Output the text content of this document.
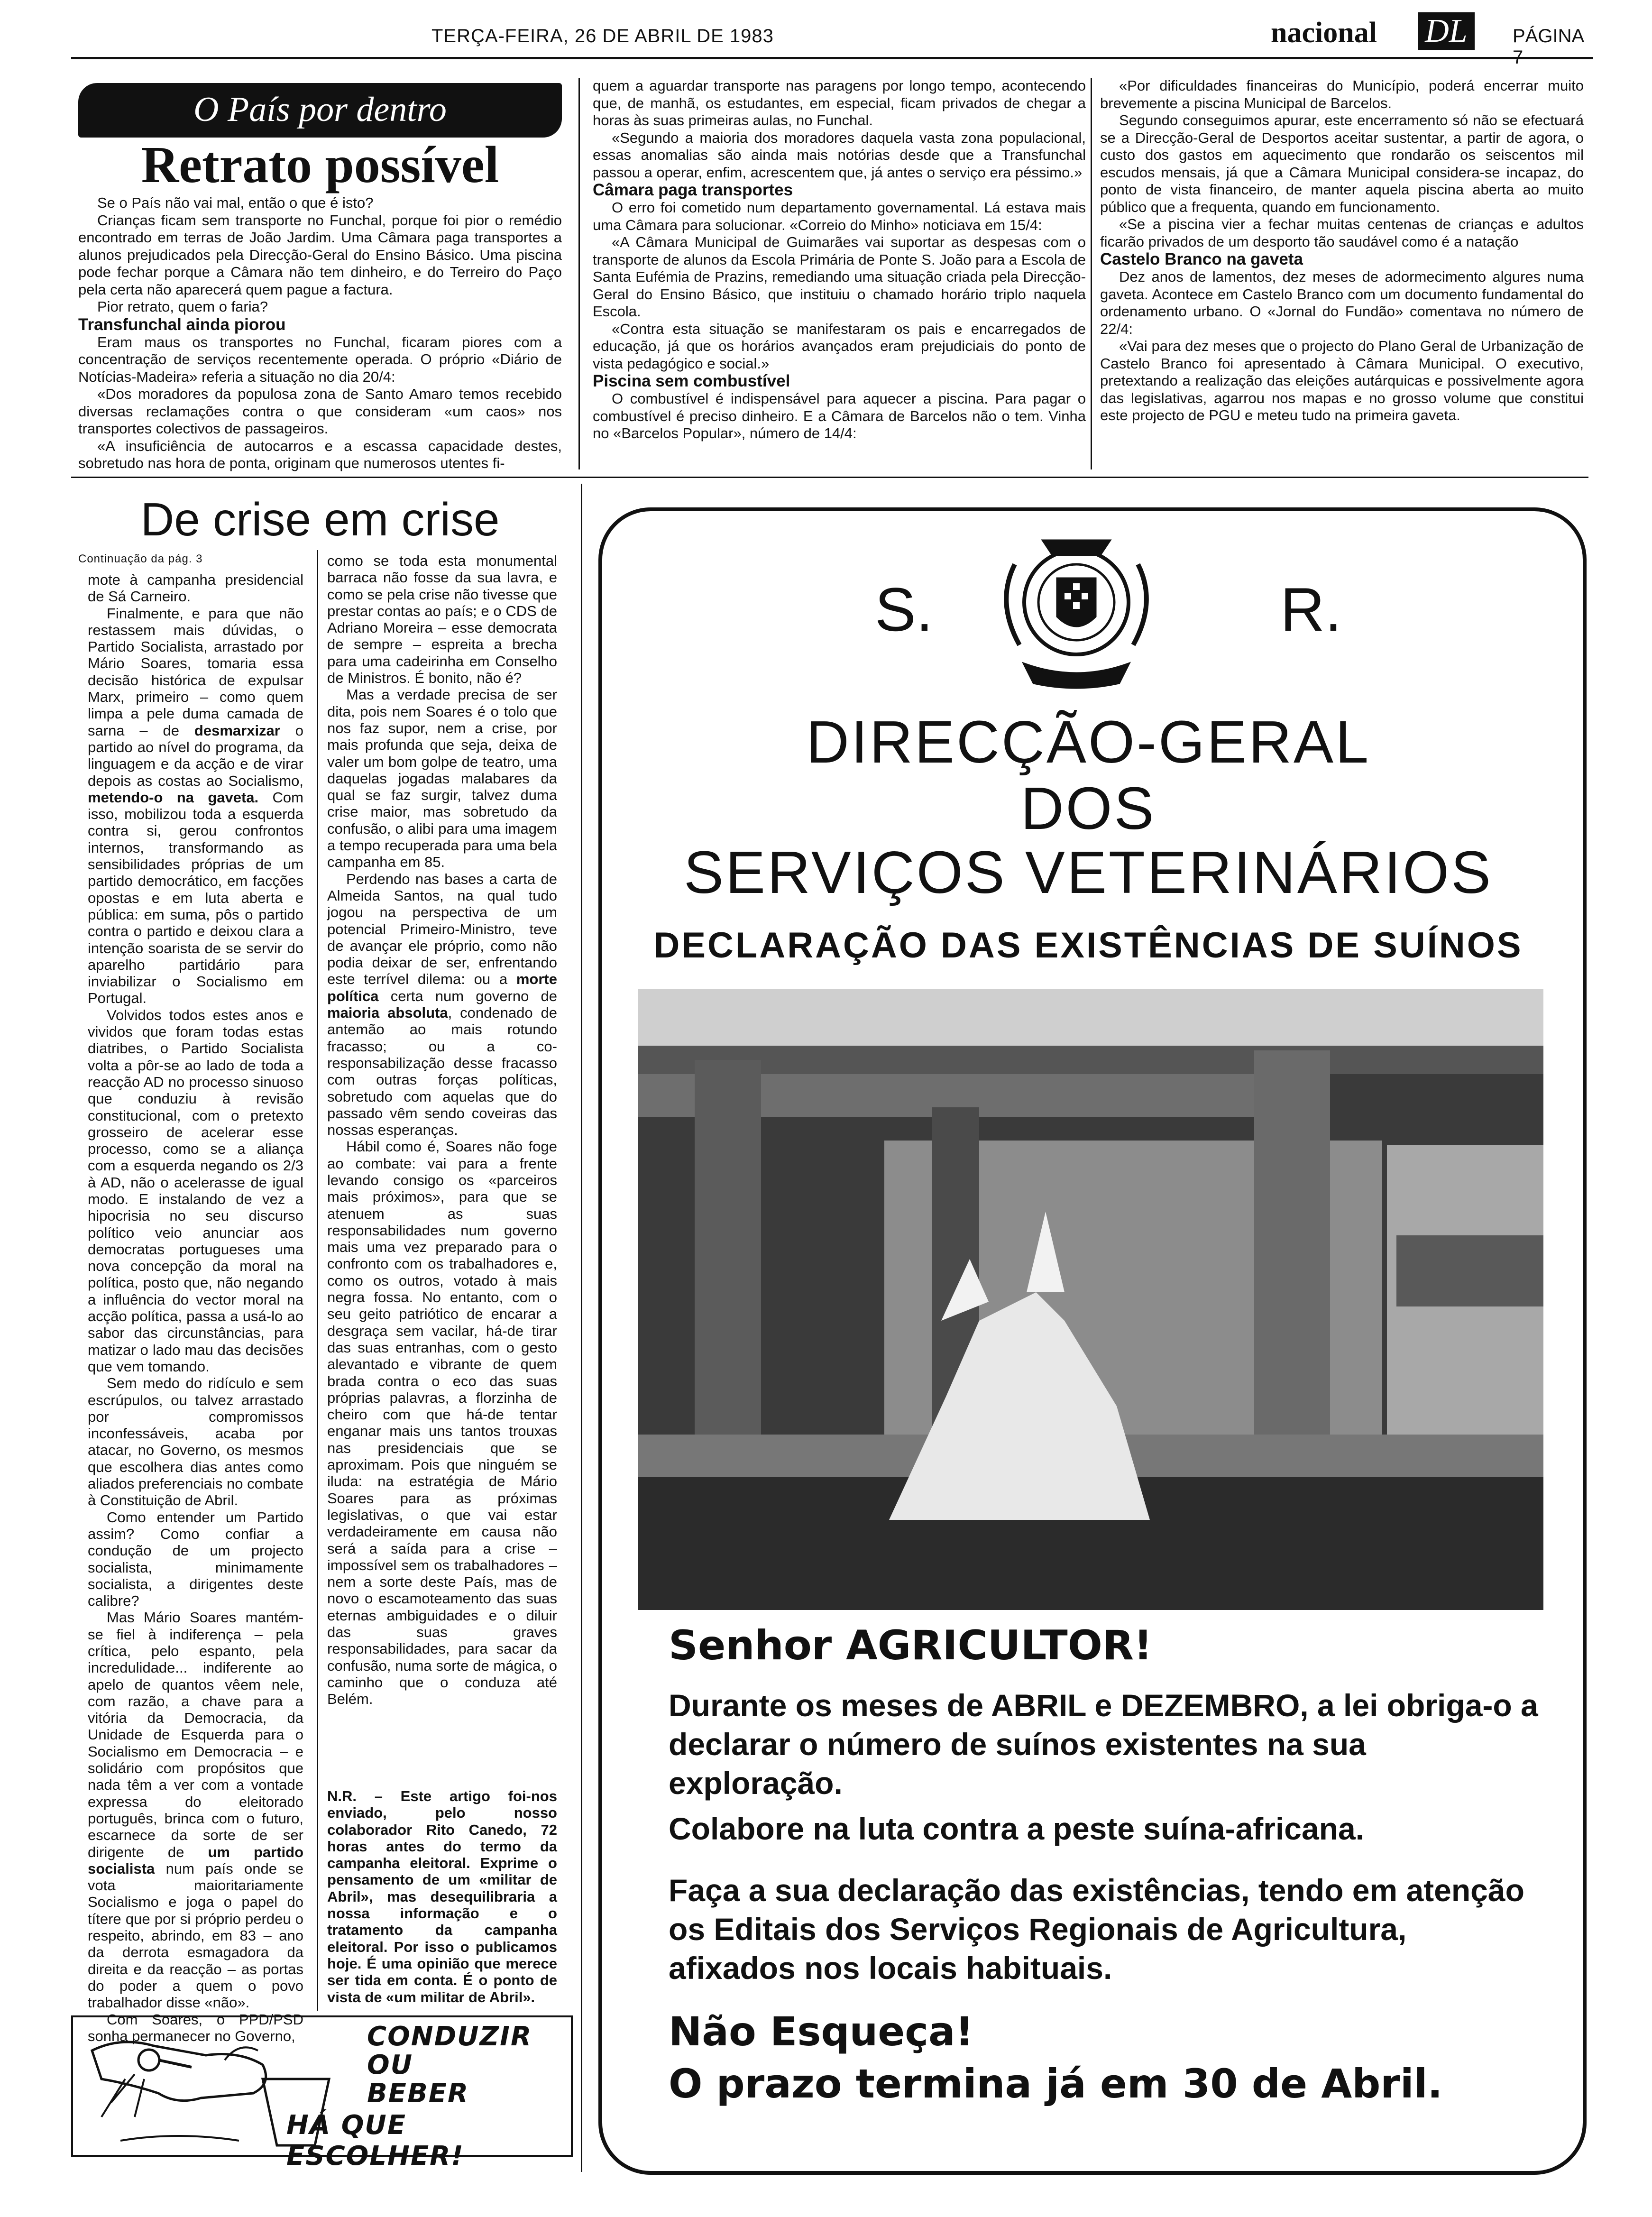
TERÇA-FEIRA, 26 DE ABRIL DE 1983	nacional DL	PÁGINA 7
O País por dentro
Retrato possível

Se o País não vai mal, então o que é isto?

Crianças ficam sem transporte no Funchal, porque foi pior o remédio encontrado em terras de João Jardim. Uma Câmara paga transportes a alunos prejudicados pela Direcção-Geral do Ensino Básico. Uma piscina pode fechar porque a Câmara não tem dinheiro, e do Terreiro do Paço pela certa não aparecerá quem pague a factura.

Pior retrato, quem o faria?

Transfunchal ainda piorou

Eram maus os transportes no Funchal, ficaram piores com a concentração de serviços recentemente operada. O próprio «Diário de Notícias-Madeira» referia a situação no dia 20/4:

«Dos moradores da populosa zona de Santo Amaro temos recebido diversas reclamações contra o que consideram «um caos» nos transportes colectivos de passageiros.

«A insuficiência de autocarros e a escassa capacidade destes, sobretudo nas hora de ponta, originam que numerosos utentes fi-

quem a aguardar transporte nas paragens por longo tempo, acontecendo que, de manhã, os estudantes, em especial, ficam privados de chegar a horas às suas primeiras aulas, no Funchal.

«Segundo a maioria dos moradores daquela vasta zona populacional, essas anomalias são ainda mais notórias desde que a Transfunchal passou a operar, enfim, acrescentem que, já antes o serviço era péssimo.»

Câmara paga transportes

O erro foi cometido num departamento governamental. Lá estava mais uma Câmara para solucionar. «Correio do Minho» noticiava em 15/4:

«A Câmara Municipal de Guimarães vai suportar as despesas com o transporte de alunos da Escola Primária de Ponte S. João para a Escola de Santa Eufémia de Prazins, remediando uma situação criada pela Direcção-Geral do Ensino Básico, que instituiu o chamado horário triplo naquela Escola.

«Contra esta situação se manifestaram os pais e encarregados de educação, já que os horários avançados eram prejudiciais do ponto de vista pedagógico e social.»

Piscina sem combustível

O combustível é indispensável para aquecer a piscina. Para pagar o combustível é preciso dinheiro. E a Câmara de Barcelos não o tem. Vinha no «Barcelos Popular», número de 14/4:

«Por dificuldades financeiras do Município, poderá encerrar muito brevemente a piscina Municipal de Barcelos.

Segundo conseguimos apurar, este encerramento só não se efectuará se a Direcção-Geral de Desportos aceitar sustentar, a partir de agora, o custo dos gastos em aquecimento que rondarão os seiscentos mil escudos mensais, já que a Câmara Municipal considera-se incapaz, do ponto de vista financeiro, de manter aquela piscina aberta ao muito público que a frequenta, quando em funcionamento.

«Se a piscina vier a fechar muitas centenas de crianças e adultos ficarão privados de um desporto tão saudável como é a natação

Castelo Branco na gaveta

Dez anos de lamentos, dez meses de adormecimento algures numa gaveta. Acontece em Castelo Branco com um documento fundamental do ordenamento urbano. O «Jornal do Fundão» comentava no número de 22/4:

«Vai para dez meses que o projecto do Plano Geral de Urbanização de Castelo Branco foi apresentado à Câmara Municipal. O executivo, pretextando a realização das eleições autárquicas e possivelmente agora das legislativas, agarrou nos mapas e no grosso volume que constitui este projecto de PGU e meteu tudo na primeira gaveta.

De crise em crise
Continuação da pág. 3

mote à campanha presidencial de Sá Carneiro.

Finalmente, e para que não restassem mais dúvidas, o Partido Socialista, arrastado por Mário Soares, tomaria essa decisão histórica de expulsar Marx, primeiro – como quem limpa a pele duma camada de sarna – de desmarxizar o partido ao nível do programa, da linguagem e da acção e de virar depois as costas ao Socialismo, metendo-o na gaveta. Com isso, mobilizou toda a esquerda contra si, gerou confrontos internos, transformando as sensibilidades próprias de um partido democrático, em facções opostas e em luta aberta e pública: em suma, pôs o partido contra o partido e deixou clara a intenção soarista de se servir do aparelho partidário para inviabilizar o Socialismo em Portugal.

Volvidos todos estes anos e vividos que foram todas estas diatribes, o Partido Socialista volta a pôr-se ao lado de toda a reacção AD no processo sinuoso que conduziu à revisão constitucional, com o pretexto grosseiro de acelerar esse processo, como se a aliança com a esquerda negando os 2/3 à AD, não o acelerasse de igual modo. E instalando de vez a hipocrisia no seu discurso político veio anunciar aos democratas portugueses uma nova concepção da moral na política, posto que, não negando a influência do vector moral na acção política, passa a usá-lo ao sabor das circunstâncias, para matizar o lado mau das decisões que vem tomando.

Sem medo do ridículo e sem escrúpulos, ou talvez arrastado por compromissos inconfessáveis, acaba por atacar, no Governo, os mesmos que escolhera dias antes como aliados preferenciais no combate à Constituição de Abril.

Como entender um Partido assim? Como confiar a condução de um projecto socialista, minimamente socialista, a dirigentes deste calibre?

Mas Mário Soares mantém-se fiel à indiferença – pela crítica, pelo espanto, pela incredulidade... indiferente ao apelo de quantos vêem nele, com razão, a chave para a vitória da Democracia, da Unidade de Esquerda para o Socialismo em Democracia – e solidário com propósitos que nada têm a ver com a vontade expressa do eleitorado português, brinca com o futuro, escarnece da sorte de ser dirigente de um partido socialista num país onde se vota maioritariamente Socialismo e joga o papel do títere que por si próprio perdeu o respeito, abrindo, em 83 – ano da derrota esmagadora da direita e da reacção – as portas do poder a quem o povo trabalhador disse «não».

Com Soares, o PPD/PSD sonha permanecer no Governo,

como se toda esta monumental barraca não fosse da sua lavra, e como se pela crise não tivesse que prestar contas ao país; e o CDS de Adriano Moreira – esse democrata de sempre – espreita a brecha para uma cadeirinha em Conselho de Ministros. É bonito, não é?

Mas a verdade precisa de ser dita, pois nem Soares é o tolo que nos faz supor, nem a crise, por mais profunda que seja, deixa de valer um bom golpe de teatro, uma daquelas jogadas malabares da qual se faz surgir, talvez duma crise maior, mas sobretudo da confusão, o alibi para uma imagem a tempo recuperada para uma bela campanha em 85.

Perdendo nas bases a carta de Almeida Santos, na qual tudo jogou na perspectiva de um potencial Primeiro-Ministro, teve de avançar ele próprio, como não podia deixar de ser, enfrentando este terrível dilema: ou a morte política certa num governo de maioria absoluta, condenado de antemão ao mais rotundo fracasso; ou a co-responsabilização desse fracasso com outras forças políticas, sobretudo com aquelas que do passado vêm sendo coveiras das nossas esperanças.

Hábil como é, Soares não foge ao combate: vai para a frente levando consigo os «parceiros mais próximos», para que se atenuem as suas responsabilidades num governo mais uma vez preparado para o confronto com os trabalhadores e, como os outros, votado à mais negra fossa. No entanto, com o seu geito patriótico de encarar a desgraça sem vacilar, há-de tirar das suas entranhas, com o gesto alevantado e vibrante de quem brada contra o eco das suas próprias palavras, a florzinha de cheiro com que há-de tentar enganar mais uns tantos trouxas nas presidenciais que se aproximam. Pois que ninguém se iluda: na estratégia de Mário Soares para as próximas legislativas, o que vai estar verdadeiramente em causa não será a saída para a crise – impossível sem os trabalhadores – nem a sorte deste País, mas de novo o escamoteamento das suas eternas ambiguidades e o diluir das suas graves responsabilidades, para sacar da confusão, numa sorte de mágica, o caminho que o conduza até Belém.

N.R. – Este artigo foi-nos enviado, pelo nosso colaborador Rito Canedo, 72 horas antes do termo da campanha eleitoral. Exprime o pensamento de um «militar de Abril», mas desequilibraria a nossa informação e o tratamento da campanha eleitoral. Por isso o publicamos hoje. É uma opinião que merece ser tida em conta. É o ponto de vista de «um militar de Abril».
CONDUZIR
OU
BEBER
HÁ QUE ESCOLHER!
S.	R.
DIRECÇÃO-GERAL
DOS
SERVIÇOS VETERINÁRIOS
DECLARAÇÃO DAS EXISTÊNCIAS DE SUÍNOS
Senhor AGRICULTOR!
Durante os meses de ABRIL e DEZEMBRO, a lei obriga-o a declarar o número de suínos existentes na sua exploração.
Colabore na luta contra a peste suína-africana.
Faça a sua declaração das existências, tendo em atenção os Editais dos Serviços Regionais de Agricultura, afixados nos locais habituais.
Não Esqueça!
O prazo termina já em 30 de Abril.
